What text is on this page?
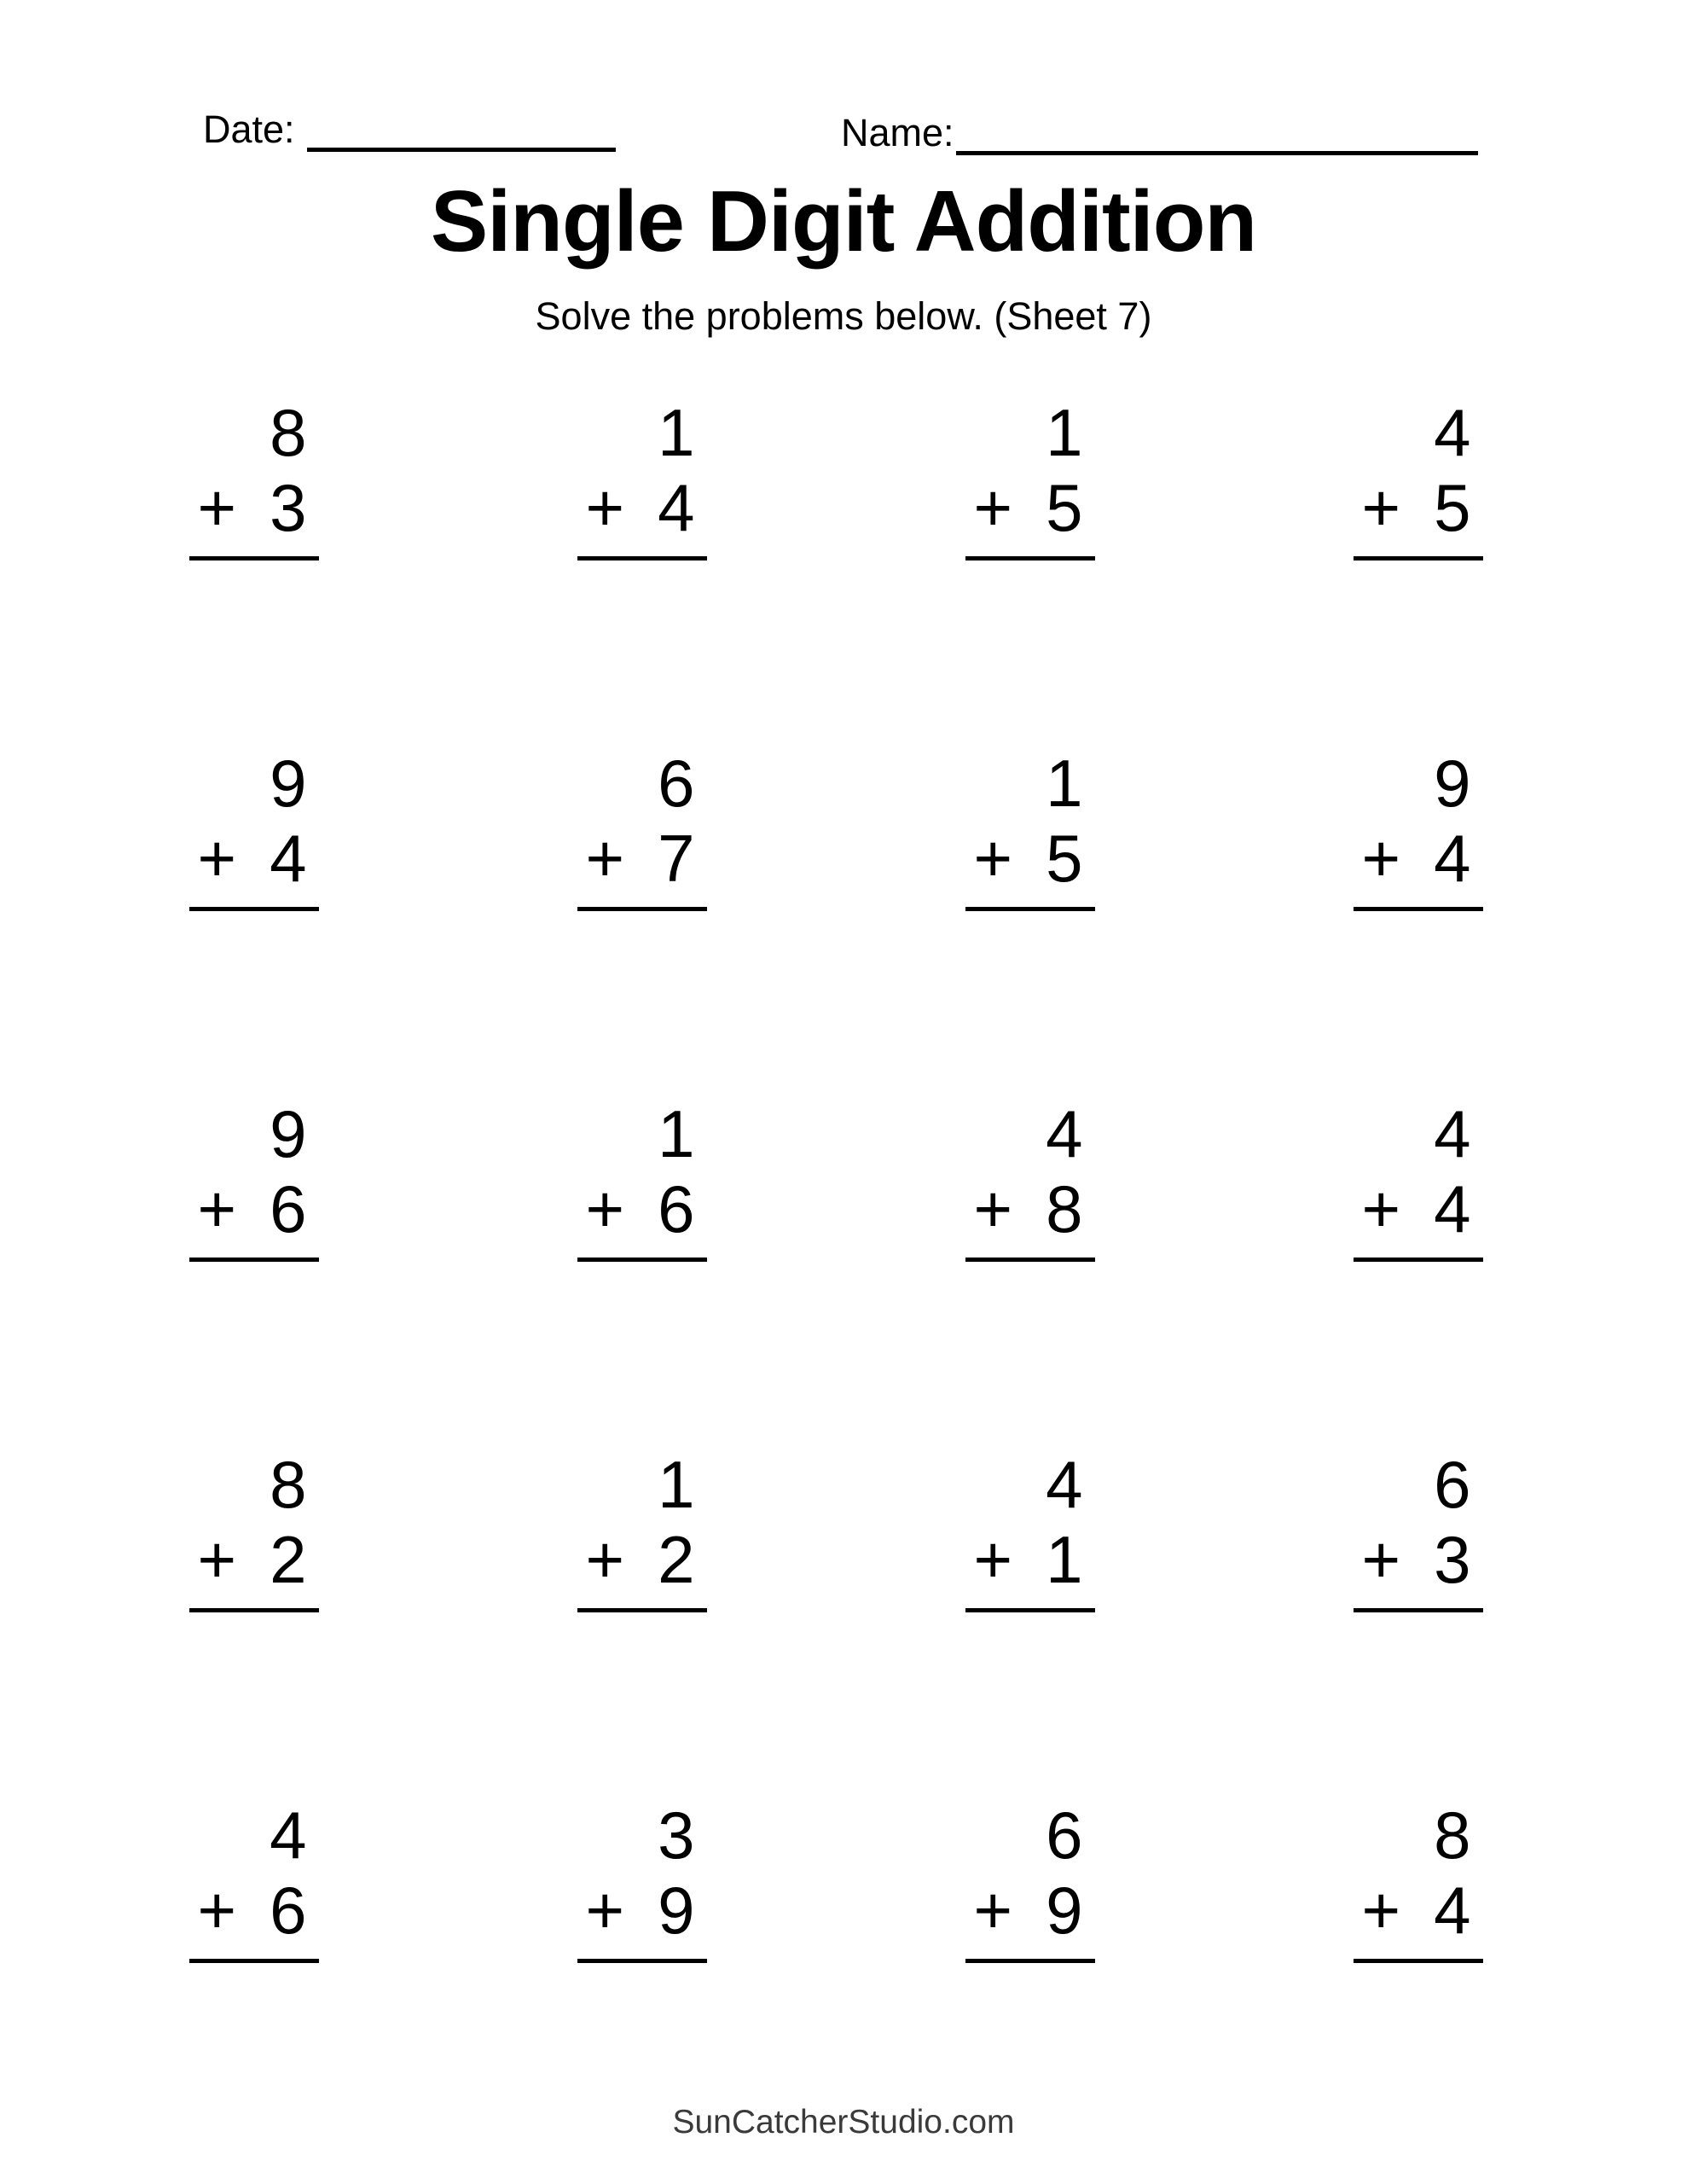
Date:	Name:
Single Digit Addition
Solve the problems below. (Sheet 7)
8
+ 3
1
+ 4
1
+ 5
4
+ 5
9
+ 4
6
+ 7
1
+ 5
9
+ 4
9
+ 6
1
+ 6
4
+ 8
4
+ 4
8
+ 2
1
+ 2
4
+ 1
6
+ 3
4
+ 6
3
+ 9
6
+ 9
8
+ 4
SunCatcherStudio.com
